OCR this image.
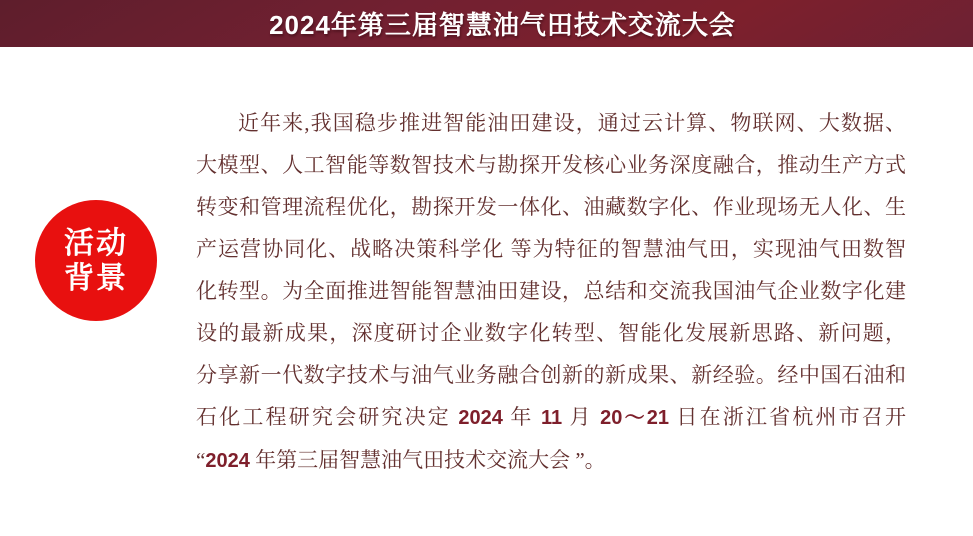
2024年第三届智慧油气田技术交流大会
活动
背景
近年来,我国稳步推进智能油田建设，通过云计算、物联网、大数据、
大模型、人工智能等数智技术与勘探开发核心业务深度融合，推动生产方式
转变和管理流程优化，勘探开发一体化、油藏数字化、作业现场无人化、生
产运营协同化、战略决策科学化 等为特征的智慧油气田，实现油气田数智
化转型。为全面推进智能智慧油田建设，总结和交流我国油气企业数字化建
设的最新成果，深度研讨企业数字化转型、智能化发展新思路、新问题，
分享新一代数字技术与油气业务融合创新的新成果、新经验。经中国石油和
石化工程研究会研究决定 2024 年 11 月 20～21 日在浙江省杭州市召开
“2024 年第三届智慧油气田技术交流大会 ”。
